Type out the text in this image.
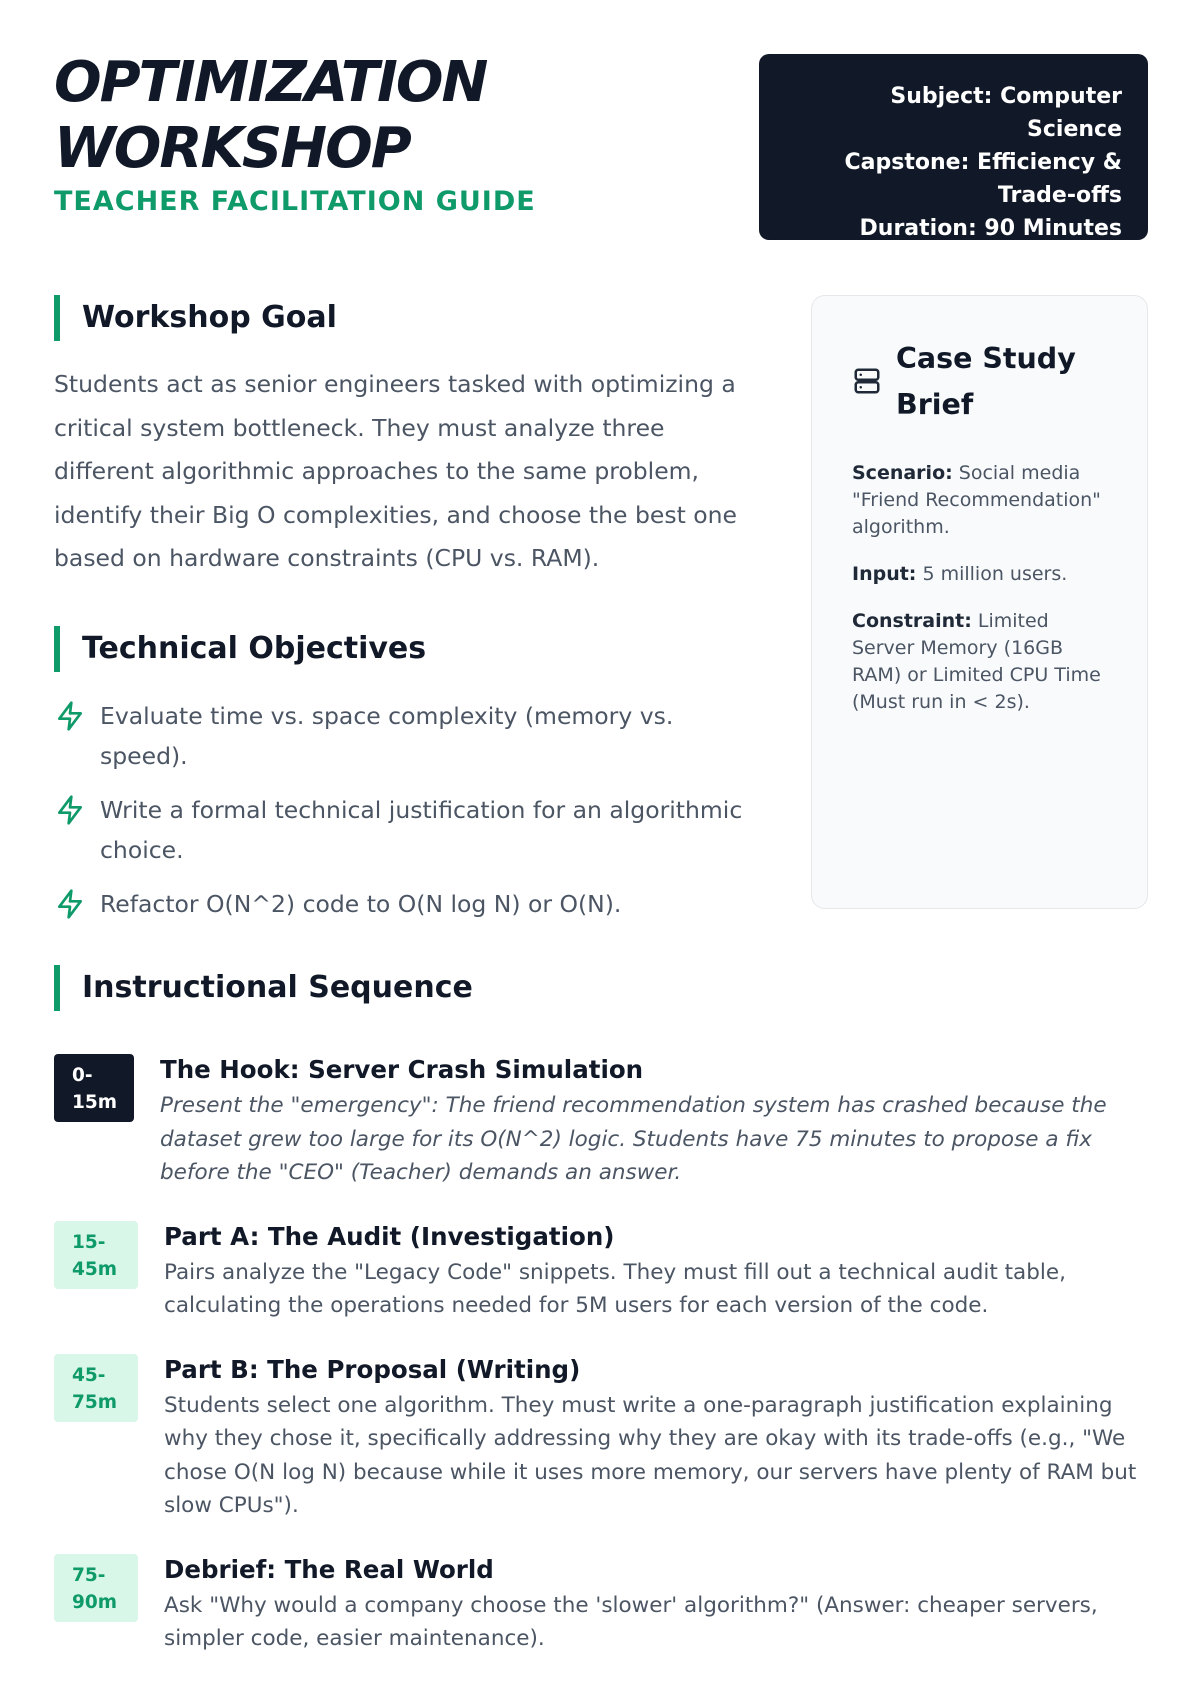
OPTIMIZATION
WORKSHOP
TEACHER FACILITATION GUIDE
Subject: Computer Science
Capstone: Efficiency &
Trade-offs
Duration: 90 Minutes
Workshop Goal

Students act as senior engineers tasked with optimizing a critical system bottleneck. They must analyze three different algorithmic approaches to the same problem, identify their Big O complexities, and choose the best one based on hardware constraints (CPU vs. RAM).

Technical Objectives
Evaluate time vs. space complexity (memory vs. speed).
Write a formal technical justification for an algorithmic choice.
Refactor O(N^2) code to O(N log N) or O(N).
Case Study
Brief

Scenario: Social media "Friend Recommendation" algorithm.

Input: 5 million users.

Constraint: Limited Server Memory (16GB RAM) or Limited CPU Time (Must run in < 2s).

Instructional Sequence
0-
15m
The Hook: Server Crash Simulation
Present the "emergency": The friend recommendation system has crashed because the dataset grew too large for its O(N^2) logic. Students have 75 minutes to propose a fix before the "CEO" (Teacher) demands an answer.
15-
45m
Part A: The Audit (Investigation)
Pairs analyze the "Legacy Code" snippets. They must fill out a technical audit table, calculating the operations needed for 5M users for each version of the code.
45-
75m
Part B: The Proposal (Writing)
Students select one algorithm. They must write a one-paragraph justification explaining why they chose it, specifically addressing why they are okay with its trade-offs (e.g., "We chose O(N log N) because while it uses more memory, our servers have plenty of RAM but slow CPUs").
75-
90m
Debrief: The Real World
Ask "Why would a company choose the 'slower' algorithm?" (Answer: cheaper servers, simpler code, easier maintenance).
